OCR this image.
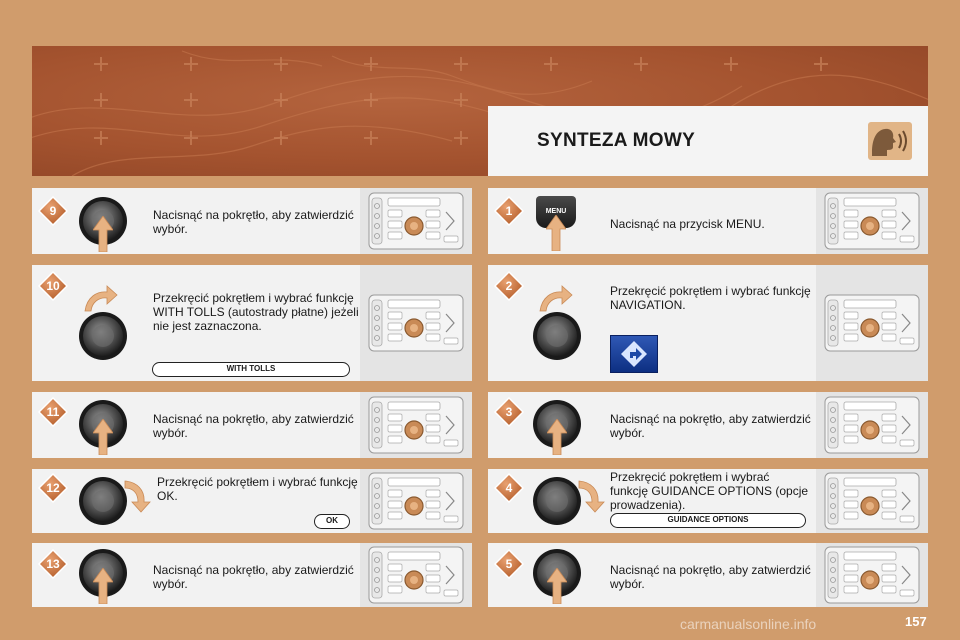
SYNTEZA MOWY
9	Nacisnąć na pokrętło, aby zatwierdzić wybór.
10
Przekręcić pokrętłem i wybrać funkcję WITH TOLLS (autostrady płatne) jeżeli nie jest zaznaczona.
WITH TOLLS
11	Nacisnąć na pokrętło, aby zatwierdzić wybór.
12	Przekręcić pokrętłem i wybrać funkcję OK.
OK
13	Nacisnąć na pokrętło, aby zatwierdzić wybór.
1	MENU
Nacisnąć na przycisk MENU.
2	Przekręcić pokrętłem i wybrać funkcję NAVIGATION.
3	Nacisnąć na pokrętło, aby zatwierdzić wybór.
4
Przekręcić pokrętłem i wybrać funkcję GUIDANCE OPTIONS (opcje prowadzenia).
GUIDANCE OPTIONS
5	Nacisnąć na pokrętło, aby zatwierdzić wybór.
carmanualsonline.info	157
